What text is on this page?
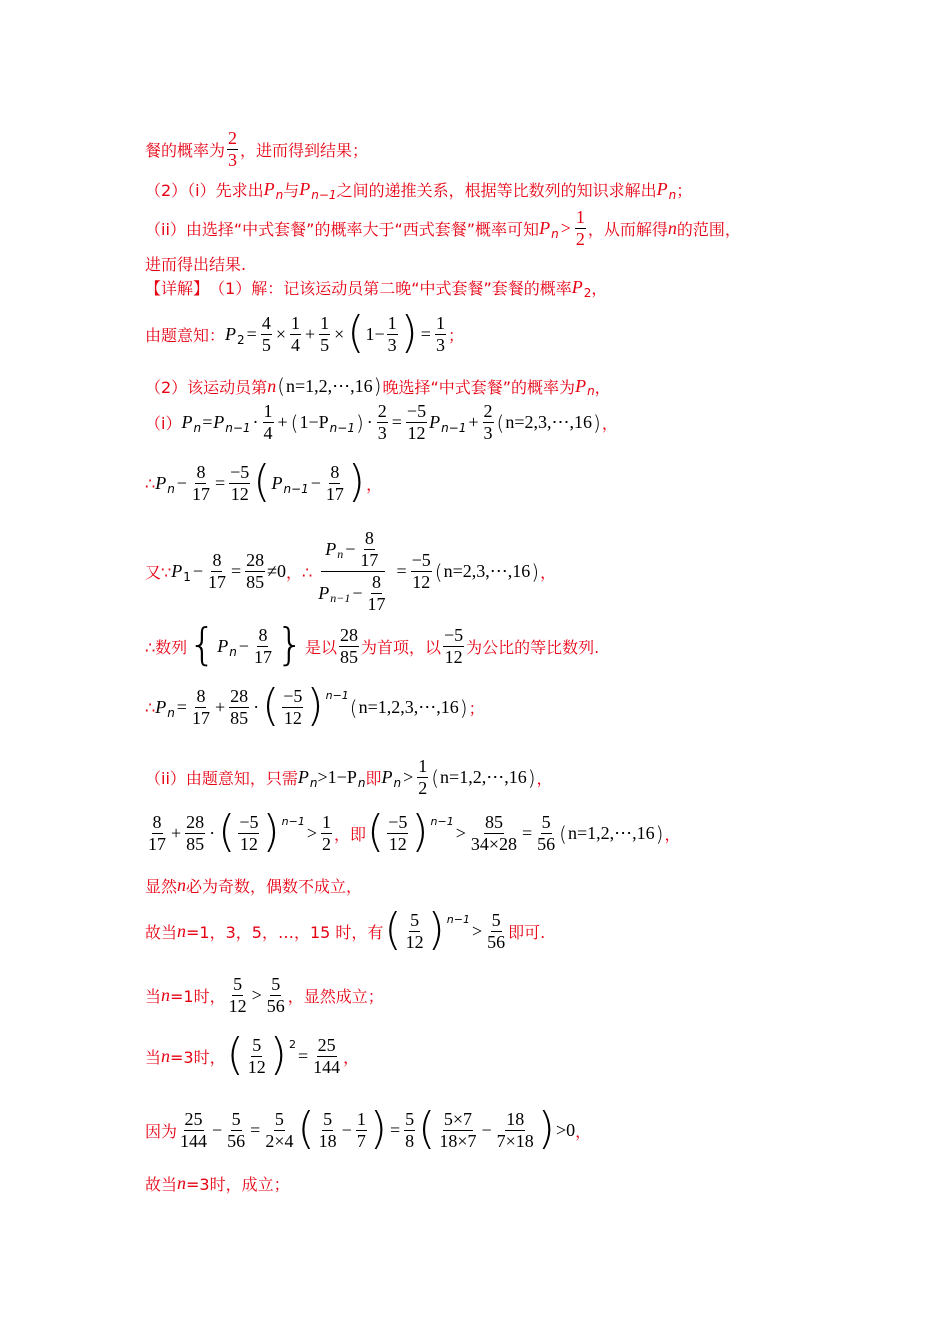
餐的概率为 $\frac{2}{3}$ ，进而得到结果；
（2）（i）先求出 P n 与 P n−1 之间的递推关系，根据等比数列的知识求解出 P n ；
（ii）由选择“中式套餐”的概率大于“西式套餐”概率可知 P $n > \frac{1}{2}$ ，从而解得 n 的范围，
进而得出结果.
【详解】 （1）解：记该运动员第二晚“中式套餐”套餐的概率 P 2 ，
由题意知： P $2 = \frac{4}{5} \times \frac{1}{4} + \frac{1}{5}$ × ( $1- \frac{1}{3}$ ) = $\frac{1}{3}$ ；
（2）该运动员第 n ( n=1,2,⋯,16 ) 晚选择“中式套餐”的概率为 P n ，
（i） P n =P $n-1 \cdot \frac{1}{4}$ + ( 1−P n−1 ) · $\frac{2}{3} = \frac{-5}{12}$ P $n-1 + \frac{2}{3}$ ( n=2,3,⋯,16 ) ，
∴ P $n - \frac{8}{17} = \frac{-5}{12}$ ( P $n-1 - \frac{8}{17}$ ) ，
又∵ P $1 - \frac{8}{17} = \frac{28}{85} \ne 0$ ，∴ $\frac{P n - \frac{8}{17}}{P n-1 - \frac{8}{17}} = \frac{-5}{12}$ ( n=2,3,⋯,16 ) ，
∴数列 { P $n - \frac{8}{17}$ } 是以 $\frac{28}{85}$ 为首项，以 $\frac{-5}{12}$ 为公比的等比数列.
∴ P $n = \frac{8}{17} + \frac{28}{85}$ · ( $\frac{-5}{12}$ ) n−1 ( n=1,2,3,⋯,16 ) ；
（ii）由题意知，只需 P n >1−P n 即 P $n > \frac{1}{2}$ ( n=1,2,⋯,16 ) ，
$\frac{8}{17} + \frac{28}{85}$ · ( $\frac{-5}{12}$ ) n−1
> $\frac{1}{2}$ ，即 ( $\frac{-5}{12}$ ) n−1
> $\frac{85}{34\times 28} = \frac{5}{56}$ ( n=1,2,⋯,16 ) ，
显然 n 必为奇数，偶数不成立，
故当 n =1，3，5，…，15 时，有 ( $\frac{5}{12}$ ) n−1
> $\frac{5}{56}$ 即可.
当 n =1时， $\frac{5}{12} > \frac{5}{56}$ ，显然成立；
当 n =3时， ( $\frac{5}{12}$ ) 2
= $\frac{25}{144}$ ，
因为 $\frac{25}{144} - \frac{5}{56} = \frac{5}{2\times 4}$ ( $\frac{5}{18} - \frac{1}{7}$ ) = $\frac{5}{8}$ ( $\frac{5\times 7}{18\times 7} - \frac{18}{7\times 18}$ ) >0 ，
故当 n =3时，成立；
